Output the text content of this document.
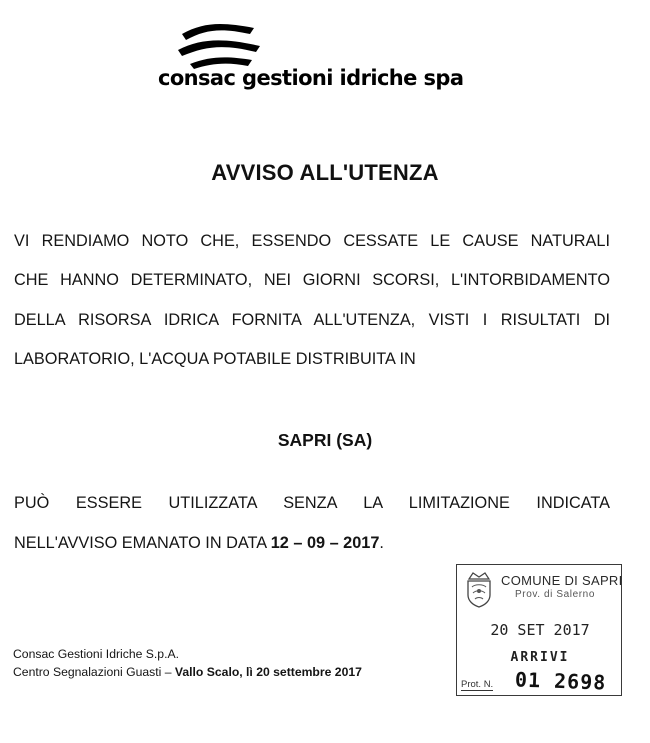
consac gestioni idriche spa
AVVISO ALL'UTENZA
VI RENDIAMO NOTO CHE, ESSENDO CESSATE LE CAUSE NATURALI
CHE HANNO DETERMINATO, NEI GIORNI SCORSI, L'INTORBIDAMENTO
DELLA RISORSA IDRICA FORNITA ALL'UTENZA, VISTI I RISULTATI DI
LABORATORIO, L'ACQUA POTABILE DISTRIBUITA IN
SAPRI (SA)
PUÒ ESSERE UTILIZZATA SENZA LA LIMITAZIONE INDICATA
NELL'AVVISO EMANATO IN DATA 12 – 09 – 2017.
Consac Gestioni Idriche S.p.A.
Centro Segnalazioni Guasti – Vallo Scalo, lì 20 settembre 2017
COMUNE DI SAPRI
Prov. di Salerno
20 SET 2017
ARRIVI
Prot. N. 01 2698
